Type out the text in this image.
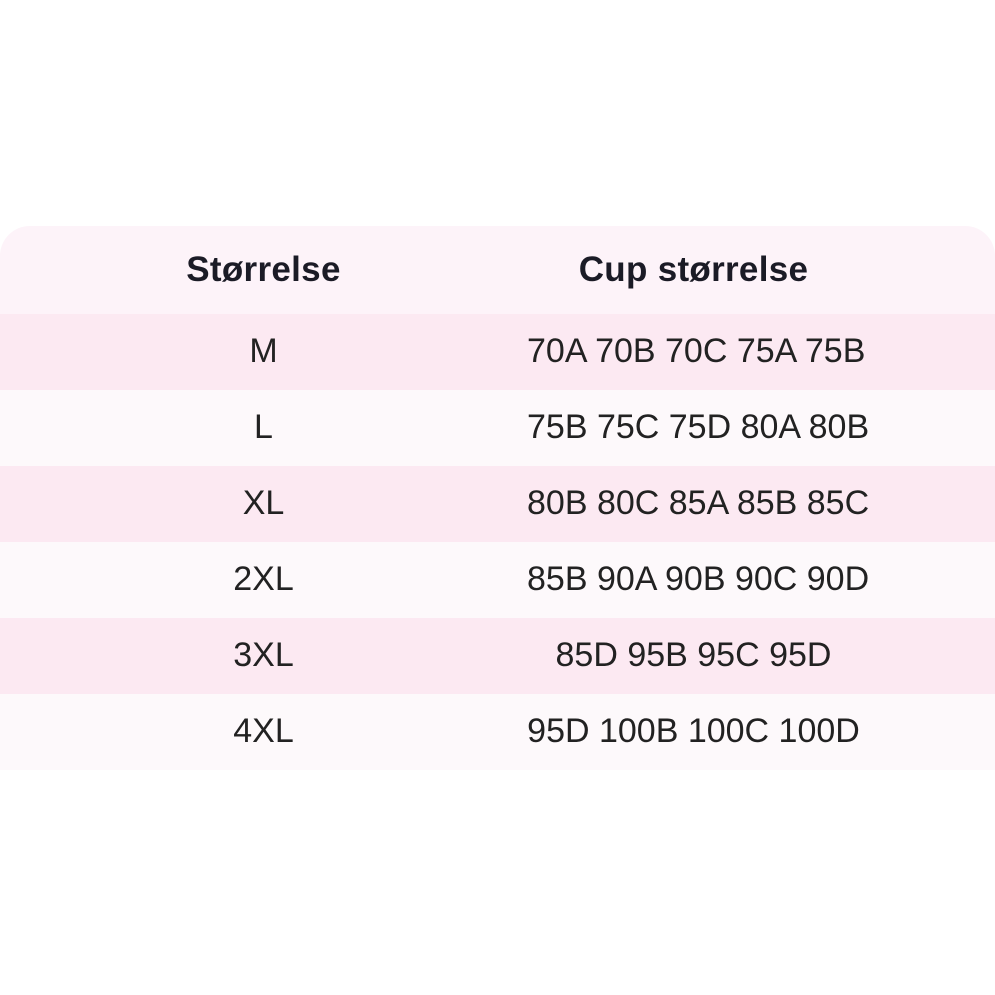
Størrelse	Cup størrelse
M	70A 70B 70C 75A 75B
L	75B 75C 75D 80A 80B
XL	80B 80C 85A 85B 85C
2XL	85B 90A 90B 90C 90D
3XL	85D 95B 95C 95D
4XL	95D 100B 100C 100D
